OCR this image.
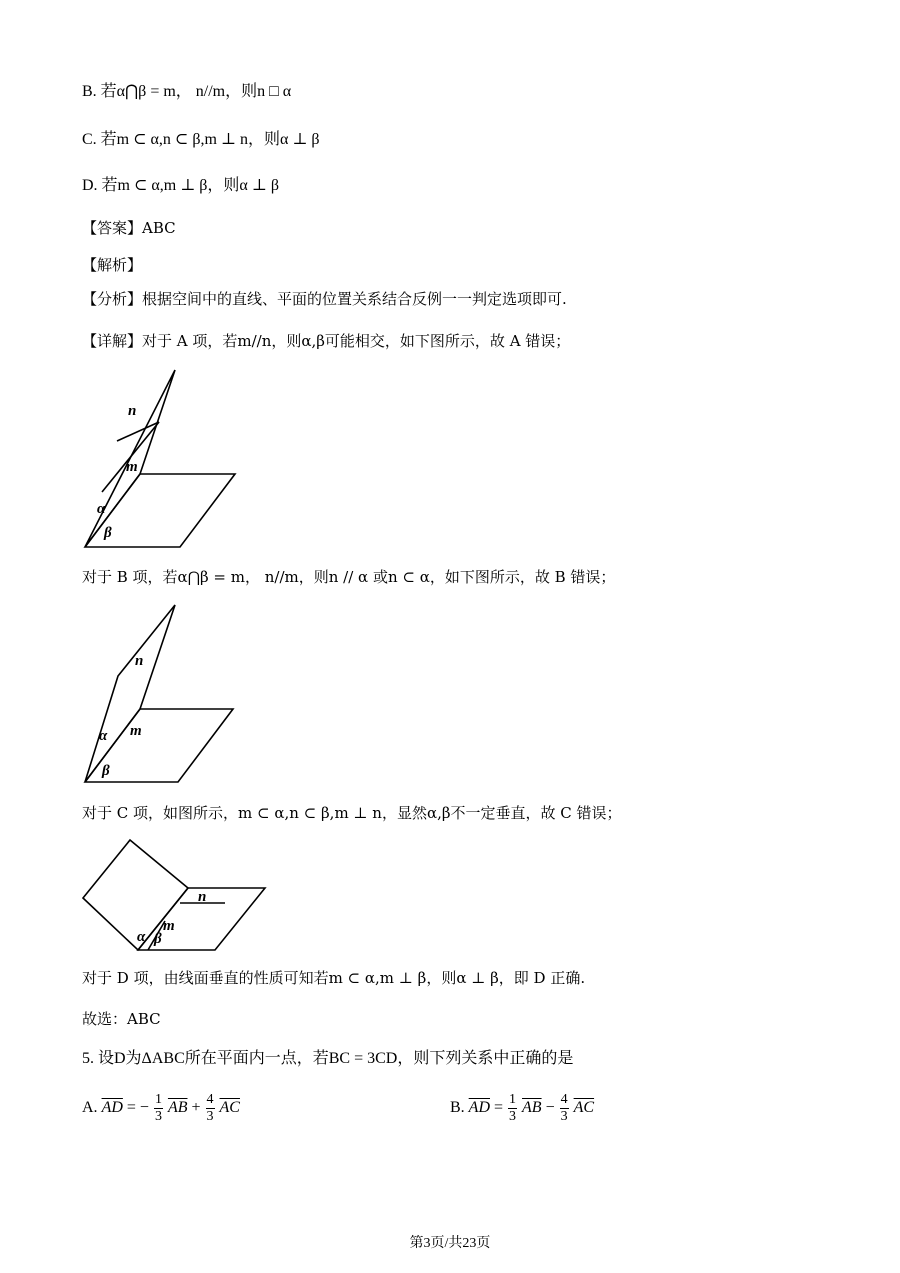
B. 若α⋂β = m， n//m，则n □ α
C. 若m ⊂ α,n ⊂ β,m ⊥ n，则α ⊥ β
D. 若m ⊂ α,m ⊥ β，则α ⊥ β
【答案】ABC
【解析】
【分析】根据空间中的直线、平面的位置关系结合反例一一判定选项即可.
【详解】对于 A 项，若m//n，则α,β可能相交，如下图所示，故 A 错误；
n
m
α
β
对于 B 项，若α⋂β = m， n//m，则n // α 或n ⊂ α，如下图所示，故 B 错误；
n
m
α
β
对于 C 项，如图所示，m ⊂ α,n ⊂ β,m ⊥ n，显然α,β不一定垂直，故 C 错误；
n
m
α β
对于 D 项，由线面垂直的性质可知若m ⊂ α,m ⊥ β，则α ⊥ β，即 D 正确.
故选：ABC
5. 设D为ΔABC所在平面内一点，若BC = 3CD，则下列关系中正确的是
A. $\overline{AD}$ = − $\frac{1}{3} \overline{AB} + \frac{4}{3} \overline{AC}$	B. $\overline{AD} = \frac{1}{3} \overline{AB} - \frac{4}{3} \overline{AC}$
第3页/共23页
